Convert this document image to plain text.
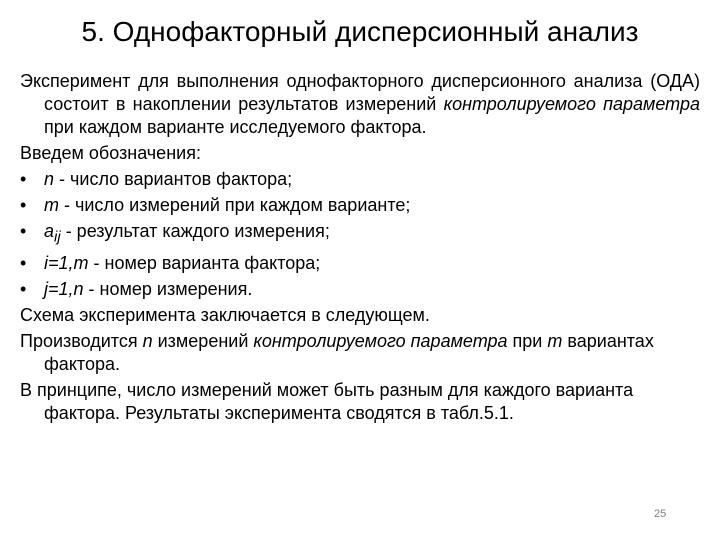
5. Однофакторный дисперсионный анализ

Эксперимент для выполнения однофакторного дисперсионного анализа (ОДА) состоит в накоплении результатов измерений контролируемого параметра при каждом варианте исследуемого фактора.

Введем обозначения:

• n - число вариантов фактора;

• m - число измерений при каждом варианте;

• $a_{ij}$ - результат каждого измерения;

• i=1,m - номер варианта фактора;

• j=1,n - номер измерения.

Схема эксперимента заключается в следующем.

Производится n измерений контролируемого параметра при m вариантах фактора.

В принципе, число измерений может быть разным для каждого варианта фактора. Результаты эксперимента сводятся в табл.5.1.

25
